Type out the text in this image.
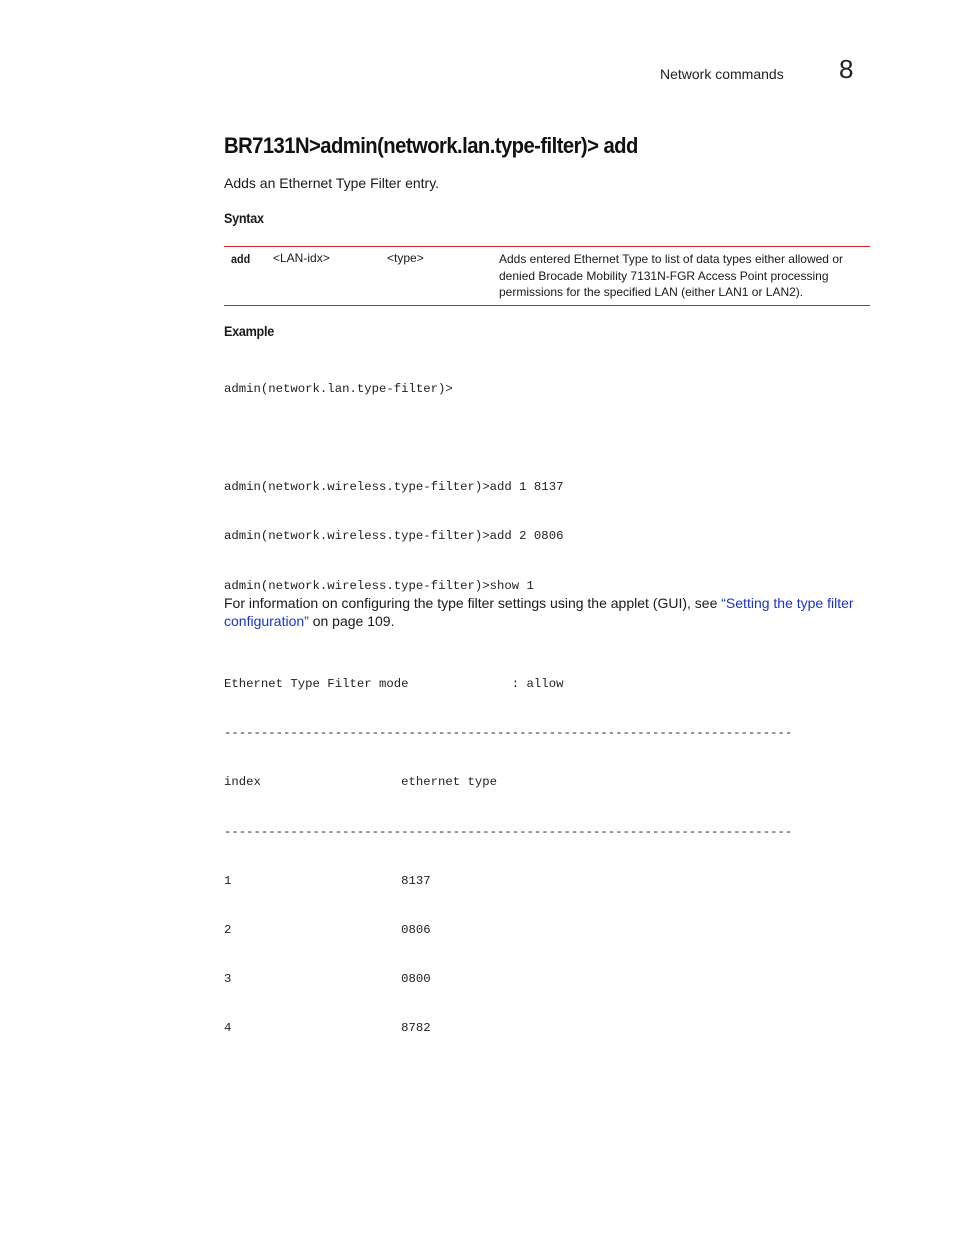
Network commands 8
BR7131N>admin(network.lan.type-filter)> add
Adds an Ethernet Type Filter entry.
Syntax
add <LAN-idx>	<type>	Adds entered Ethernet Type to list of data types either allowed or
denied Brocade Mobility 7131N-FGR Access Point processing
permissions for the specified LAN (either LAN1 or LAN2).
Example

admin(network.lan.type-filter)>

admin(network.wireless.type-filter)>add 1 8137

admin(network.wireless.type-filter)>add 2 0806

admin(network.wireless.type-filter)>show 1

Ethernet Type Filter mode              : allow

-----------------------------------------------------------------------------

index                   ethernet type

-----------------------------------------------------------------------------

1                       8137

2                       0806

3                       0800

4                       8782

For information on configuring the type filter settings using the applet (GUI), see “Setting the type filter configuration” on page 109.
